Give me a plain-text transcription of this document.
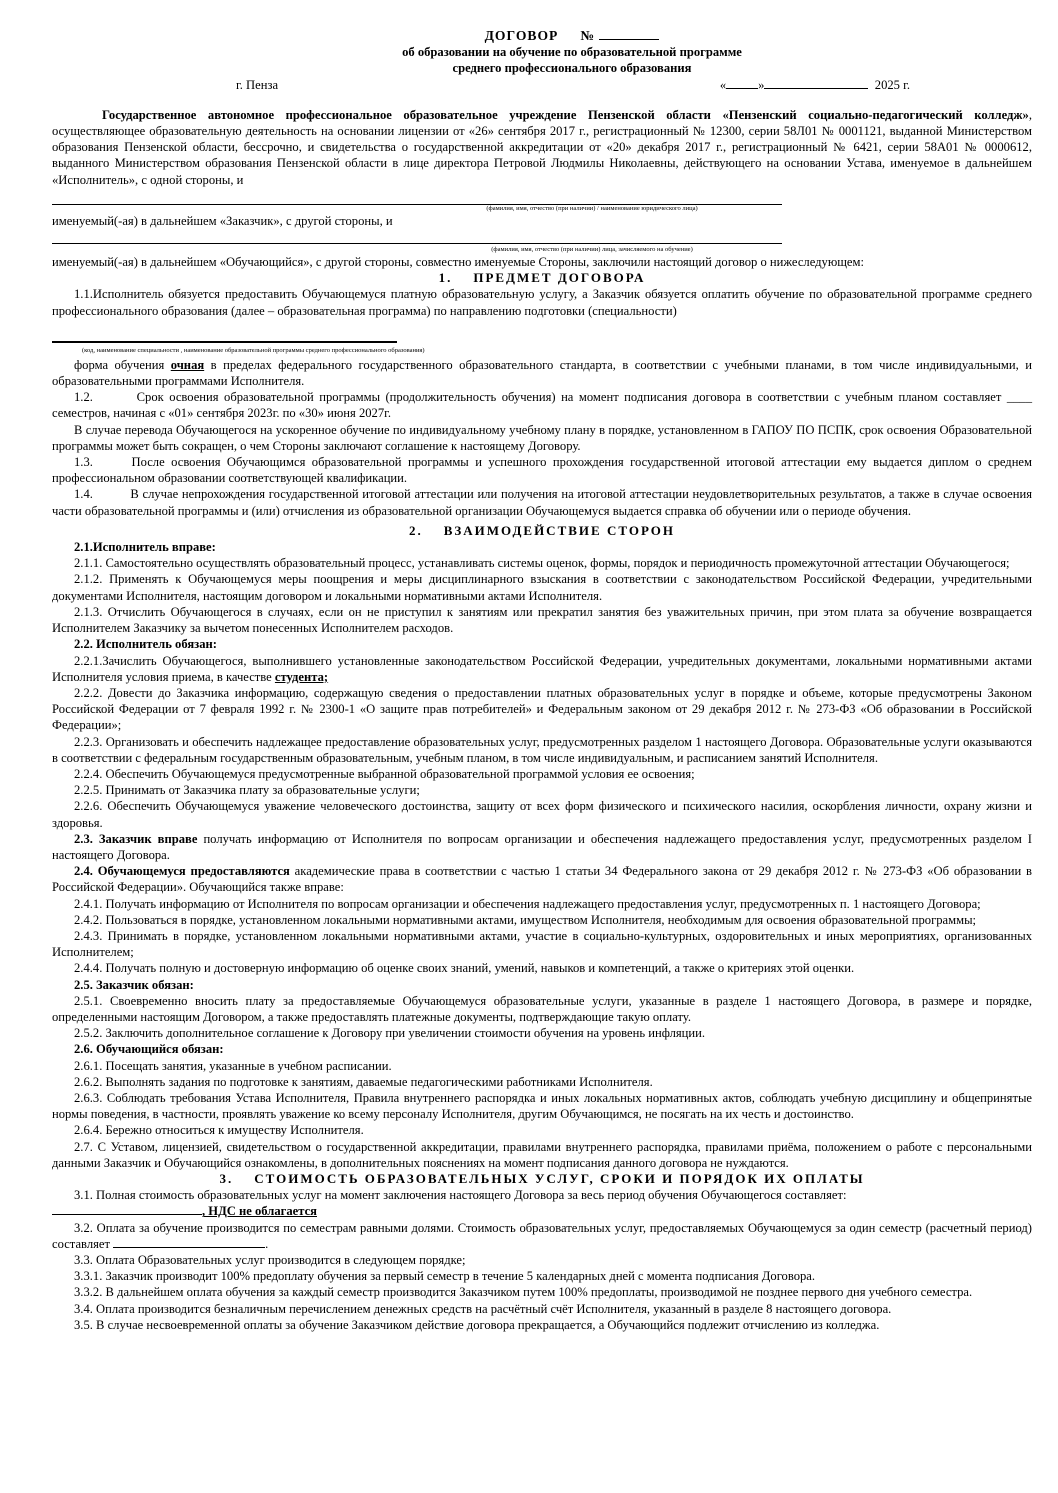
ДОГОВОР №

об образовании на обучение по образовательной программе

среднего профессионального образования

г. Пенза	«	»	2025 г.

Государственное автономное профессиональное образовательное учреждение Пензенской области «Пензенский социально-педагогический колледж», осуществляющее образовательную деятельность на основании лицензии от «26» сентября 2017 г., регистрационный № 12300, серии 58Л01 № 0001121, выданной Министерством образования Пензенской области, бессрочно, и свидетельства о государственной аккредитации от «20» декабря 2017 г., регистрационный № 6421, серии 58А01 № 0000612, выданного Министерством образования Пензенской области в лице директора Петровой Людмилы Николаевны, действующего на основании Устава, именуемое в дальнейшем «Исполнитель», с одной стороны, и

(фамилия, имя, отчество (при наличии) / наименование юридического лица)

именуемый(-ая) в дальнейшем «Заказчик», с другой стороны, и

(фамилия, имя, отчество (при наличии) лица, зачисляемого на обучение)

именуемый(-ая) в дальнейшем «Обучающийся», с другой стороны, совместно именуемые Стороны, заключили настоящий договор о нижеследующем:

1. ПРЕДМЕТ ДОГОВОРА

1.1.Исполнитель обязуется предоставить Обучающемуся платную образовательную услугу, а Заказчик обязуется оплатить обучение по образовательной программе среднего профессионального образования (далее – образовательная программа) по направлению подготовки (специальности)

(код, наименование специальности , наименование образовательной программы среднего профессионального образования)

форма обучения очная в пределах федерального государственного образовательного стандарта, в соответствии с учебными планами, в том числе индивидуальными, и образовательными программами Исполнителя.

1.2.	Срок освоения образовательной программы (продолжительность обучения) на момент подписания договора в соответствии с учебным планом составляет ____ семестров, начиная с «01» сентября 2023г. по «30» июня 2027г.

В случае перевода Обучающегося на ускоренное обучение по индивидуальному учебному плану в порядке, установленном в ГАПОУ ПО ПСПК, срок освоения Образовательной программы может быть сокращен, о чем Стороны заключают соглашение к настоящему Договору.

1.3.	После освоения Обучающимся образовательной программы и успешного прохождения государственной итоговой аттестации ему выдается диплом о среднем профессиональном образовании соответствующей квалификации.

1.4.	В случае непрохождения государственной итоговой аттестации или получения на итоговой аттестации неудовлетворительных результатов, а также в случае освоения части образовательной программы и (или) отчисления из образовательной организации Обучающемуся выдается справка об обучении или о периоде обучения.

2. ВЗАИМОДЕЙСТВИЕ СТОРОН

2.1.Исполнитель вправе:

2.1.1. Самостоятельно осуществлять образовательный процесс, устанавливать системы оценок, формы, порядок и периодичность промежуточной аттестации Обучающегося;

2.1.2. Применять к Обучающемуся меры поощрения и меры дисциплинарного взыскания в соответствии с законодательством Российской Федерации, учредительными документами Исполнителя, настоящим договором и локальными нормативными актами Исполнителя.

2.1.3. Отчислить Обучающегося в случаях, если он не приступил к занятиям или прекратил занятия без уважительных причин, при этом плата за обучение возвращается Исполнителем Заказчику за вычетом понесенных Исполнителем расходов.

2.2. Исполнитель обязан:

2.2.1.Зачислить Обучающегося, выполнившего установленные законодательством Российской Федерации, учредительных документами, локальными нормативными актами Исполнителя условия приема, в качестве студента;

2.2.2. Довести до Заказчика информацию, содержащую сведения о предоставлении платных образовательных услуг в порядке и объеме, которые предусмотрены Законом Российской Федерации от 7 февраля 1992 г. № 2300-1 «О защите прав потребителей» и Федеральным законом от 29 декабря 2012 г. № 273-ФЗ «Об образовании в Российской Федерации»;

2.2.3. Организовать и обеспечить надлежащее предоставление образовательных услуг, предусмотренных разделом 1 настоящего Договора. Образовательные услуги оказываются в соответствии с федеральным государственным образовательным, учебным планом, в том числе индивидуальным, и расписанием занятий Исполнителя.

2.2.4. Обеспечить Обучающемуся предусмотренные выбранной образовательной программой условия ее освоения;

2.2.5. Принимать от Заказчика плату за образовательные услуги;

2.2.6. Обеспечить Обучающемуся уважение человеческого достоинства, защиту от всех форм физического и психического насилия, оскорбления личности, охрану жизни и здоровья.

2.3. Заказчик вправе получать информацию от Исполнителя по вопросам организации и обеспечения надлежащего предоставления услуг, предусмотренных разделом I настоящего Договора.

2.4. Обучающемуся предоставляются академические права в соответствии с частью 1 статьи 34 Федерального закона от 29 декабря 2012 г. № 273-ФЗ «Об образовании в Российской Федерации». Обучающийся также вправе:

2.4.1. Получать информацию от Исполнителя по вопросам организации и обеспечения надлежащего предоставления услуг, предусмотренных п. 1 настоящего Договора;

2.4.2. Пользоваться в порядке, установленном локальными нормативными актами, имуществом Исполнителя, необходимым для освоения образовательной программы;

2.4.3. Принимать в порядке, установленном локальными нормативными актами, участие в социально-культурных, оздоровительных и иных мероприятиях, организованных Исполнителем;

2.4.4. Получать полную и достоверную информацию об оценке своих знаний, умений, навыков и компетенций, а также о критериях этой оценки.

2.5. Заказчик обязан:

2.5.1. Своевременно вносить плату за предоставляемые Обучающемуся образовательные услуги, указанные в разделе 1 настоящего Договора, в размере и порядке, определенными настоящим Договором, а также предоставлять платежные документы, подтверждающие такую оплату.

2.5.2. Заключить дополнительное соглашение к Договору при увеличении стоимости обучения на уровень инфляции.

2.6. Обучающийся обязан:

2.6.1. Посещать занятия, указанные в учебном расписании.

2.6.2. Выполнять задания по подготовке к занятиям, даваемые педагогическими работниками Исполнителя.

2.6.3. Соблюдать требования Устава Исполнителя, Правила внутреннего распорядка и иных локальных нормативных актов, соблюдать учебную дисциплину и общепринятые нормы поведения, в частности, проявлять уважение ко всему персоналу Исполнителя, другим Обучающимся, не посягать на их честь и достоинство.

2.6.4. Бережно относиться к имуществу Исполнителя.

2.7. С Уставом, лицензией, свидетельством о государственной аккредитации, правилами внутреннего распорядка, правилами приёма, положением о работе с персональными данными Заказчик и Обучающийся ознакомлены, в дополнительных пояснениях на момент подписания данного договора не нуждаются.

3. СТОИМОСТЬ ОБРАЗОВАТЕЛЬНЫХ УСЛУГ, СРОКИ И ПОРЯДОК ИХ ОПЛАТЫ

3.1. Полная стоимость образовательных услуг на момент заключения настоящего Договора за весь период обучения Обучающегося составляет:

, НДС не облагается

3.2. Оплата за обучение производится по семестрам равными долями. Стоимость образовательных услуг, предоставляемых Обучающемуся за один семестр (расчетный период) составляет	.

3.3. Оплата Образовательных услуг производится в следующем порядке;

3.3.1. Заказчик производит 100% предоплату обучения за первый семестр в течение 5 календарных дней с момента подписания Договора.

3.3.2. В дальнейшем оплата обучения за каждый семестр производится Заказчиком путем 100% предоплаты, производимой не позднее первого дня учебного семестра.

3.4. Оплата производится безналичным перечислением денежных средств на расчётный счёт Исполнителя, указанный в разделе 8 настоящего договора.

3.5. В случае несвоевременной оплаты за обучение Заказчиком действие договора прекращается, а Обучающийся подлежит отчислению из колледжа.
